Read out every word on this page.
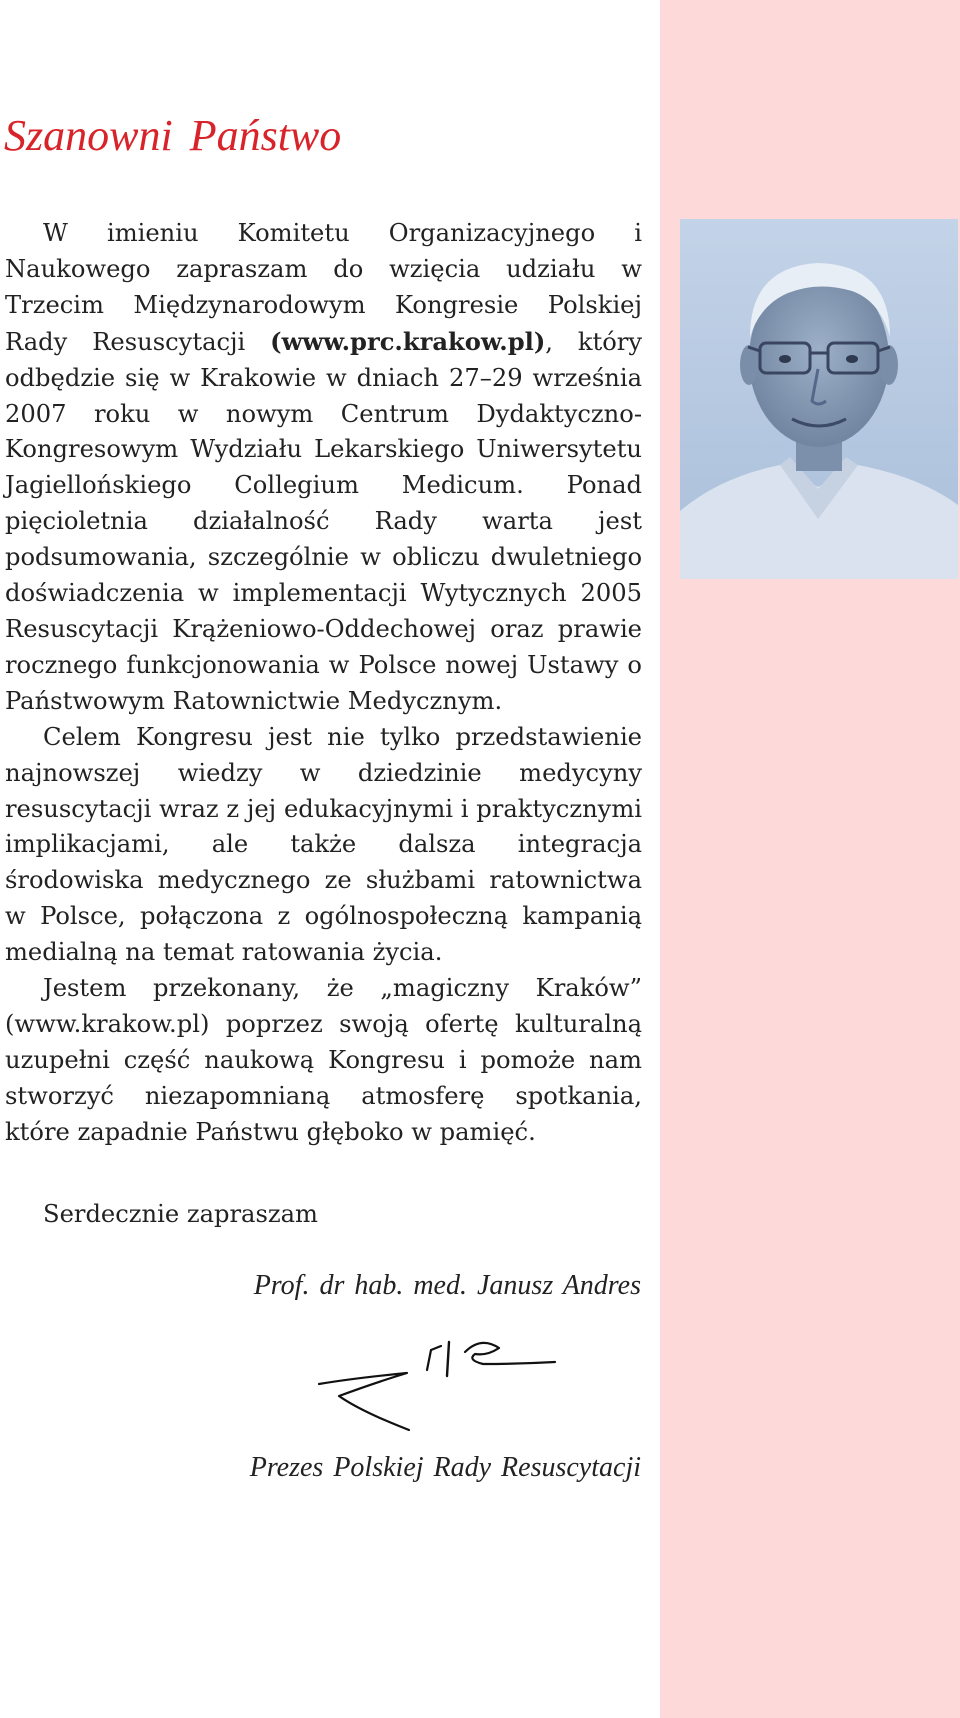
Szanowni Państwo

W imieniu Komitetu Organizacyjnego i Naukowego zapraszam do wzięcia udziału w Trzecim Międzynarodowym Kongresie Polskiej Rady Resuscytacji (www.prc.krakow.pl), który odbędzie się w Krakowie w dniach 27–29 września 2007 roku w nowym Centrum Dydaktyczno-Kongresowym Wydziału Lekarskiego Uniwersytetu Jagiellońskiego Collegium Medicum. Ponad pięcioletnia działalność Rady warta jest podsumowania, szczególnie w obliczu dwuletniego doświadczenia w implementacji Wytycznych 2005 Resuscytacji Krążeniowo-Oddechowej oraz prawie rocznego funkcjonowania w Polsce nowej Ustawy o Państwowym Ratownictwie Medycznym.

Celem Kongresu jest nie tylko przedstawienie najnowszej wiedzy w dziedzinie medycyny resuscytacji wraz z jej edukacyjnymi i praktycznymi implikacjami, ale także dalsza integracja środowiska medycznego ze służbami ratownictwa w Polsce, połączona z ogólnospołeczną kampanią medialną na temat ratowania życia.

Jestem przekonany, że „magiczny Kraków” (www.krakow.pl) poprzez swoją ofertę kulturalną uzupełni część naukową Kongresu i pomoże nam stworzyć niezapomnianą atmosferę spotkania, które zapadnie Państwu głęboko w pamięć.

Serdecznie zapraszam
Prof. dr hab. med. Janusz Andres
Prezes Polskiej Rady Resuscytacji
